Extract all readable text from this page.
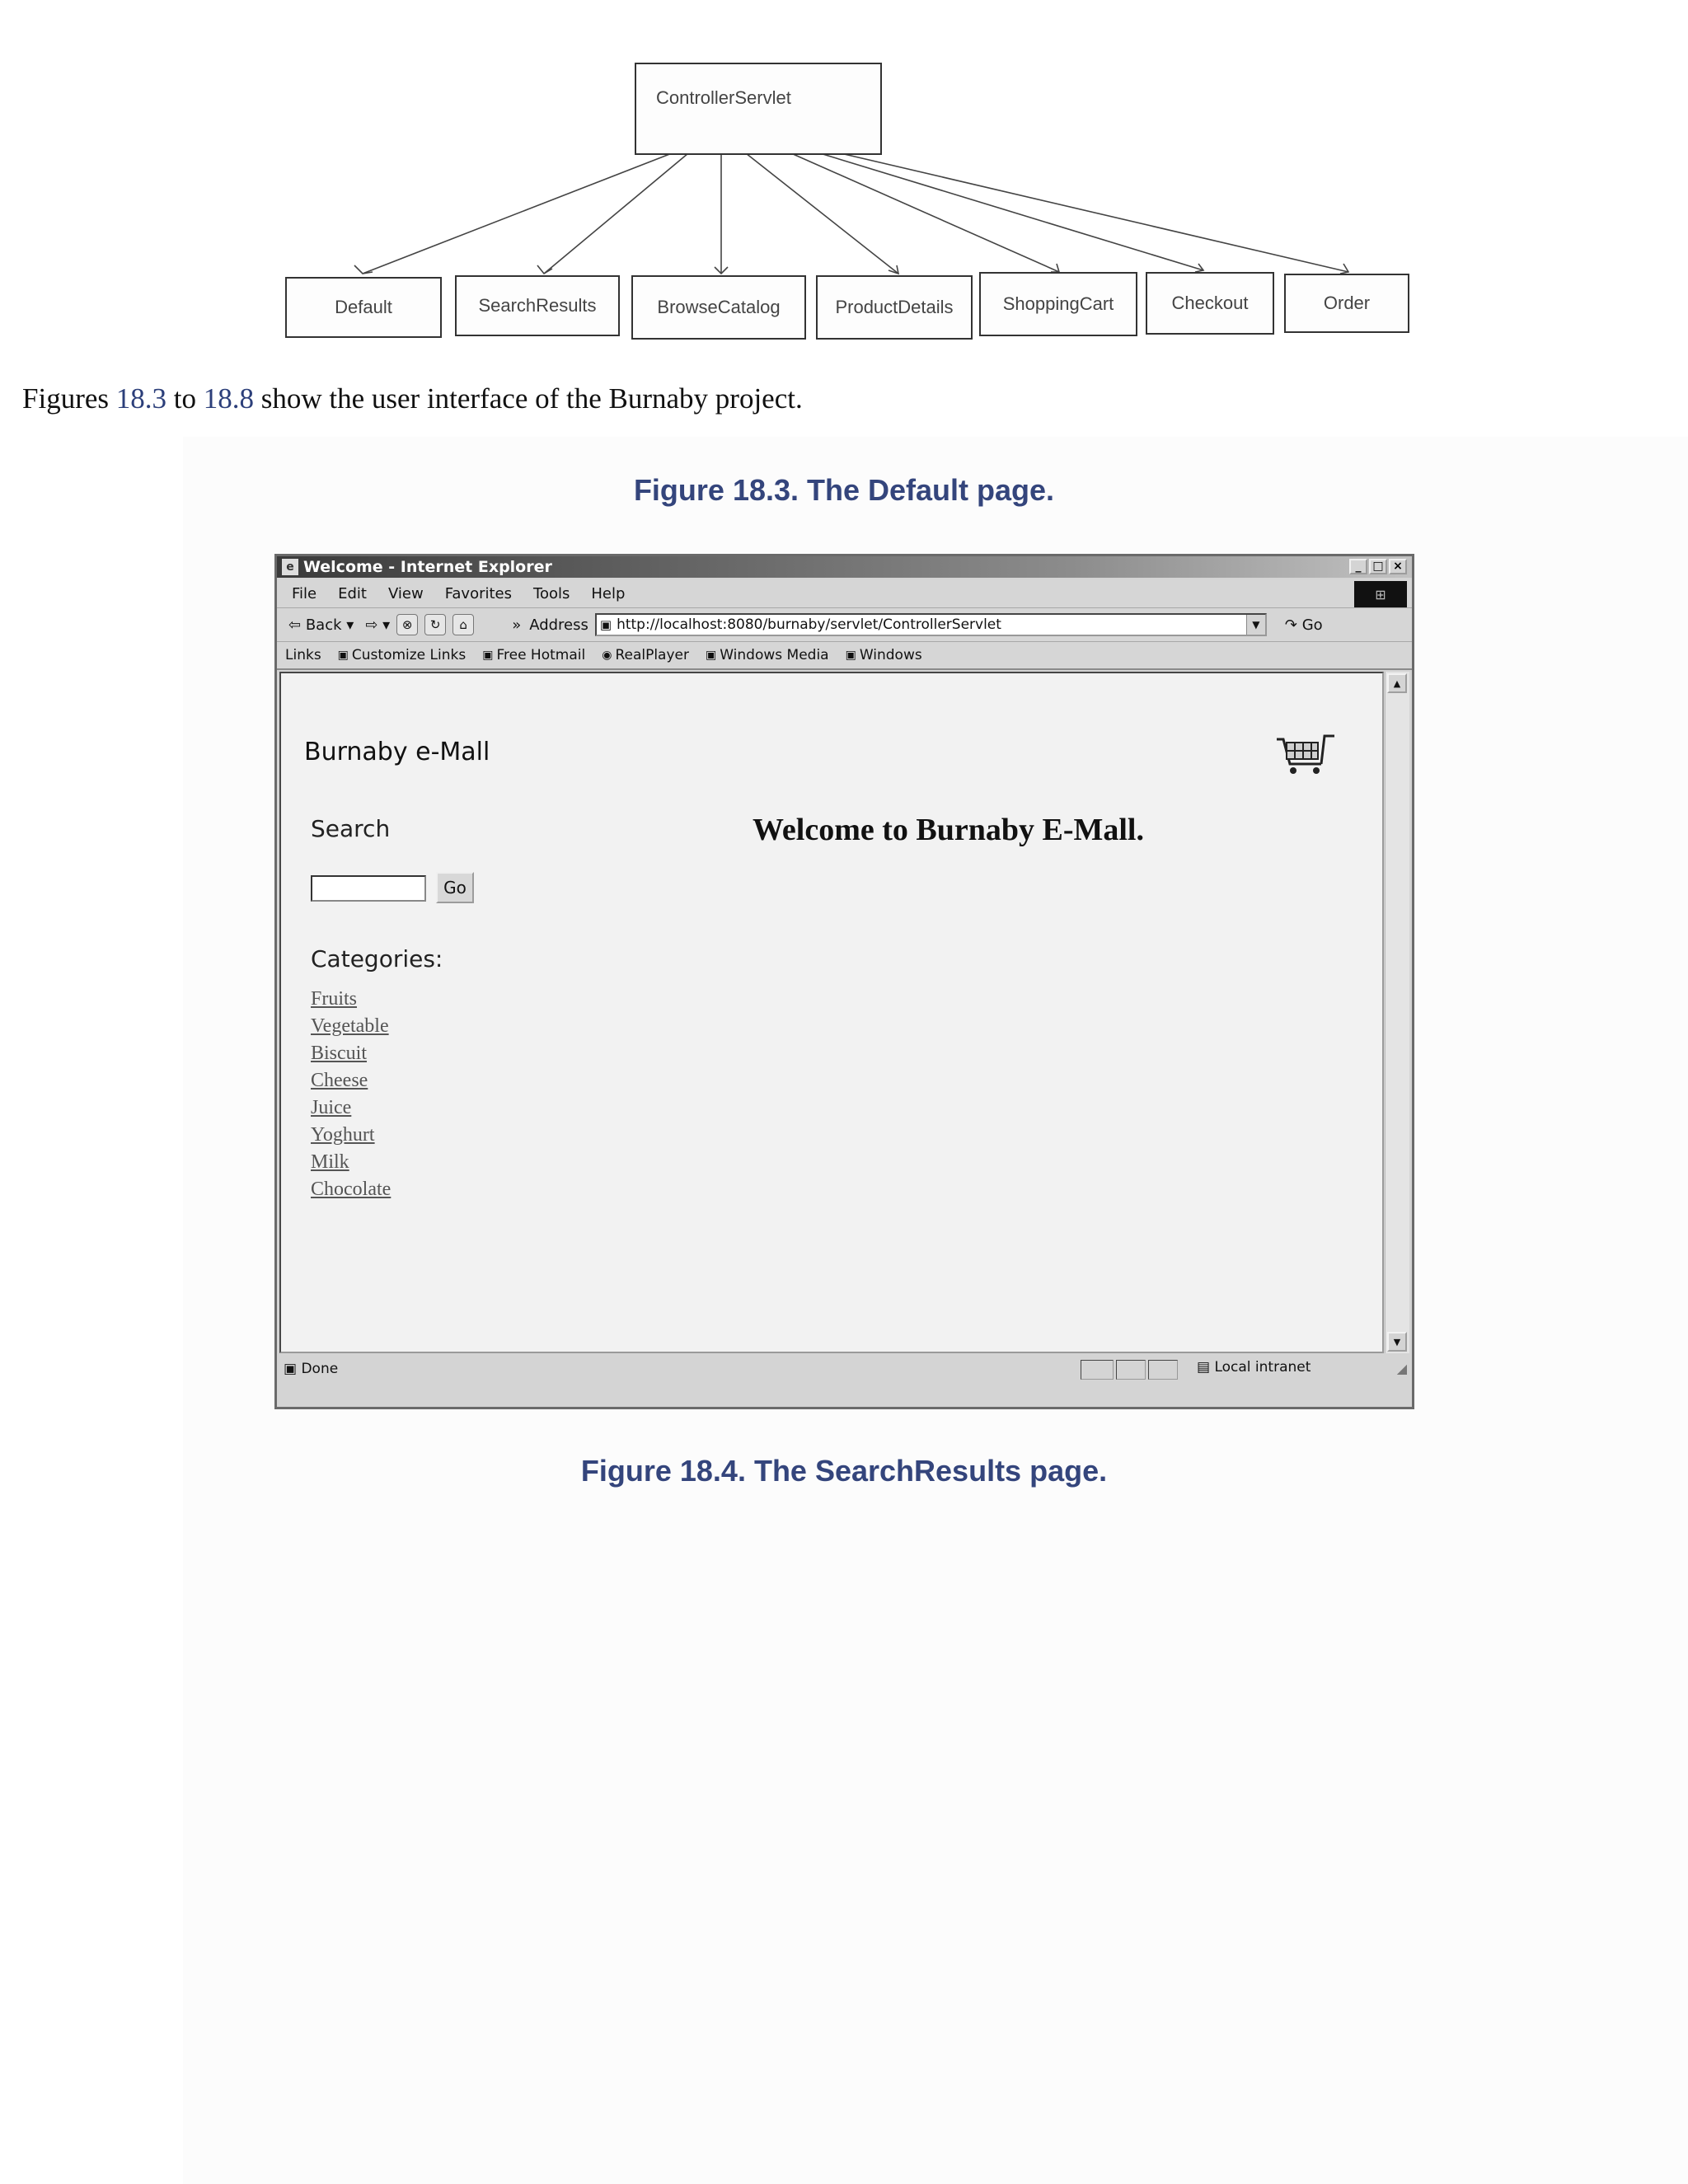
ControllerServlet
Default	SearchResults	BrowseCatalog	ProductDetails	ShoppingCart	Checkout	Order
Figures 18.3 to 18.8 show the user interface of the Burnaby project.
Figure 18.3. The Default page.
e Welcome - Internet Explorer	_ □ ×
File Edit View Favorites Tools Help	⊞
⇦
Back
▾ ⇨
▾ ⊗	↻	⌂	» Address ▣ http://localhost:8080/burnaby/servlet/ControllerServlet	▼	↷
Go
Links ▣ Customize Links ▣ Free Hotmail ◉ RealPlayer ▣ Windows Media ▣ Windows
Burnaby e-Mall
Search
Go
Welcome to Burnaby E-Mall.
Categories:
Fruits
Vegetable
Biscuit
Cheese
Juice
Yoghurt
Milk
Chocolate
▲
▼
▣
Done	▤
Local intranet	◢
Figure 18.4. The SearchResults page.
